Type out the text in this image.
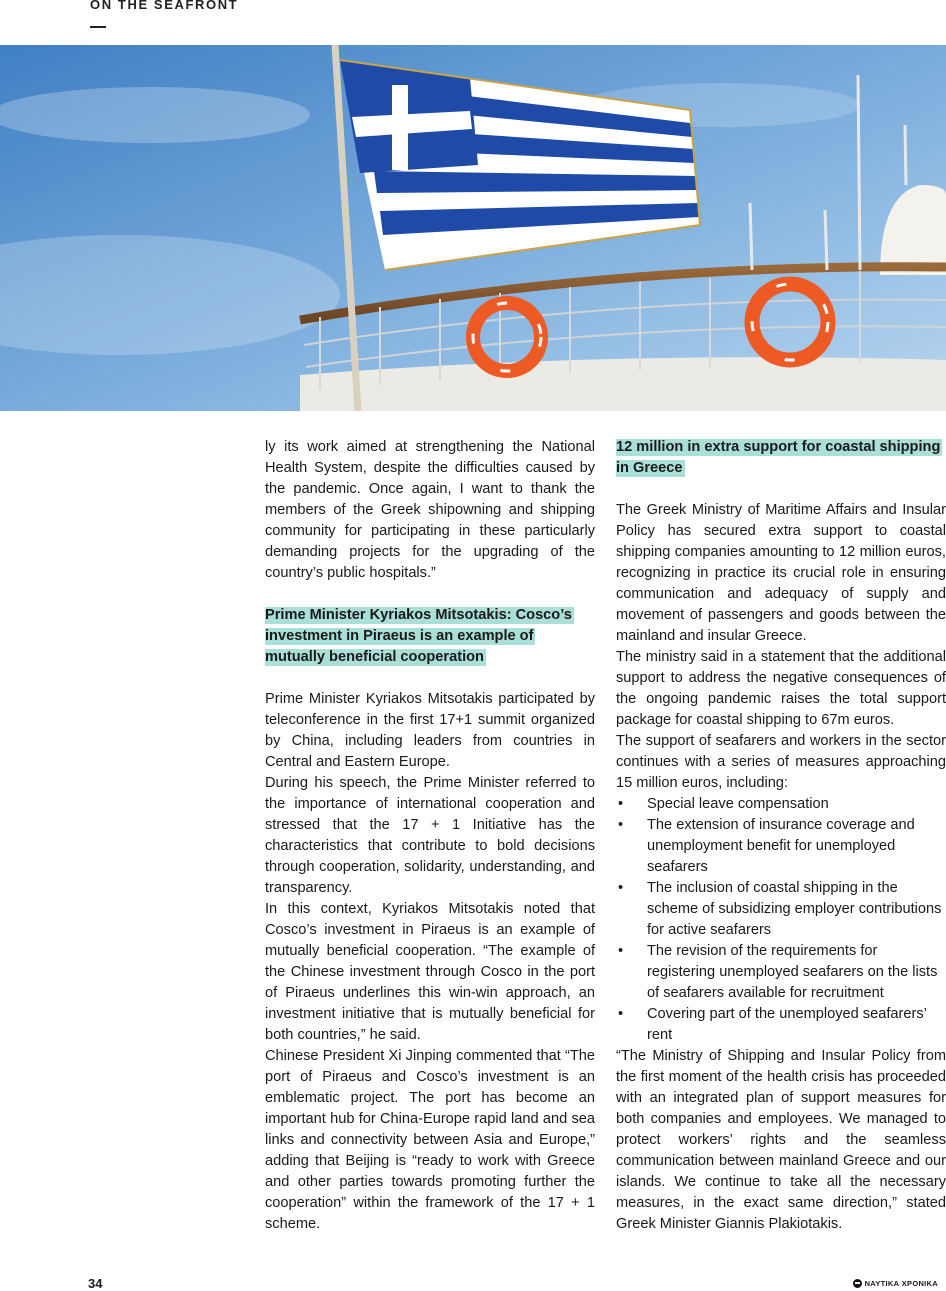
ON THE SEAFRONT

ly its work aimed at strengthening the National Health System, despite the difficulties caused by the pandemic. Once again, I want to thank the members of the Greek shipowning and shipping community for participating in these particularly demanding projects for the upgrading of the country’s public hospitals.”

Prime Minister Kyriakos Mitsotakis: Cosco’s investment in Piraeus is an example of mutually beneficial cooperation

Prime Minister Kyriakos Mitsotakis participated by teleconference in the first 17+1 summit organized by China, including leaders from countries in Central and Eastern Europe.

During his speech, the Prime Minister referred to the importance of international cooperation and stressed that the 17 + 1 Initiative has the characteristics that contribute to bold decisions through cooperation, solidarity, understanding, and transparency.

In this context, Kyriakos Mitsotakis noted that Cosco’s investment in Piraeus is an example of mutually beneficial cooperation. “The example of the Chinese investment through Cosco in the port of Piraeus underlines this win-win approach, an investment initiative that is mutually beneficial for both countries,” he said.

Chinese President Xi Jinping commented that “The port of Piraeus and Cosco’s investment is an emblematic project. The port has become an important hub for China-Europe rapid land and sea links and connectivity between Asia and Europe,” adding that Beijing is “ready to work with Greece and other parties towards promoting further the cooperation” within the framework of the 17 + 1 scheme.

12 million in extra support for coastal shipping in Greece

The Greek Ministry of Maritime Affairs and Insular Policy has secured extra support to coastal shipping companies amounting to 12 million euros, recognizing in practice its crucial role in ensuring communication and adequacy of supply and movement of passengers and goods between the mainland and insular Greece.

The ministry said in a statement that the additional support to address the negative consequences of the ongoing pandemic raises the total support package for coastal shipping to 67m euros.

The support of seafarers and workers in the sector continues with a series of measures approaching 15 million euros, including:

• Special leave compensation
• The extension of insurance coverage and unemployment benefit for unemployed seafarers
• The inclusion of coastal shipping in the scheme of subsidizing employer contributions for active seafarers
• The revision of the requirements for registering unemployed seafarers on the lists of seafarers available for recruitment
• Covering part of the unemployed seafarers’ rent

“The Ministry of Shipping and Insular Policy from the first moment of the health crisis has proceeded with an integrated plan of support measures for both companies and employees. We managed to protect workers’ rights and the seamless communication between mainland Greece and our islands. We continue to take all the necessary measures, in the exact same direction,” stated Greek Minister Giannis Plakiotakis.

34	ΝΑΥΤΙΚΑ ΧΡΟΝΙΚΑ
